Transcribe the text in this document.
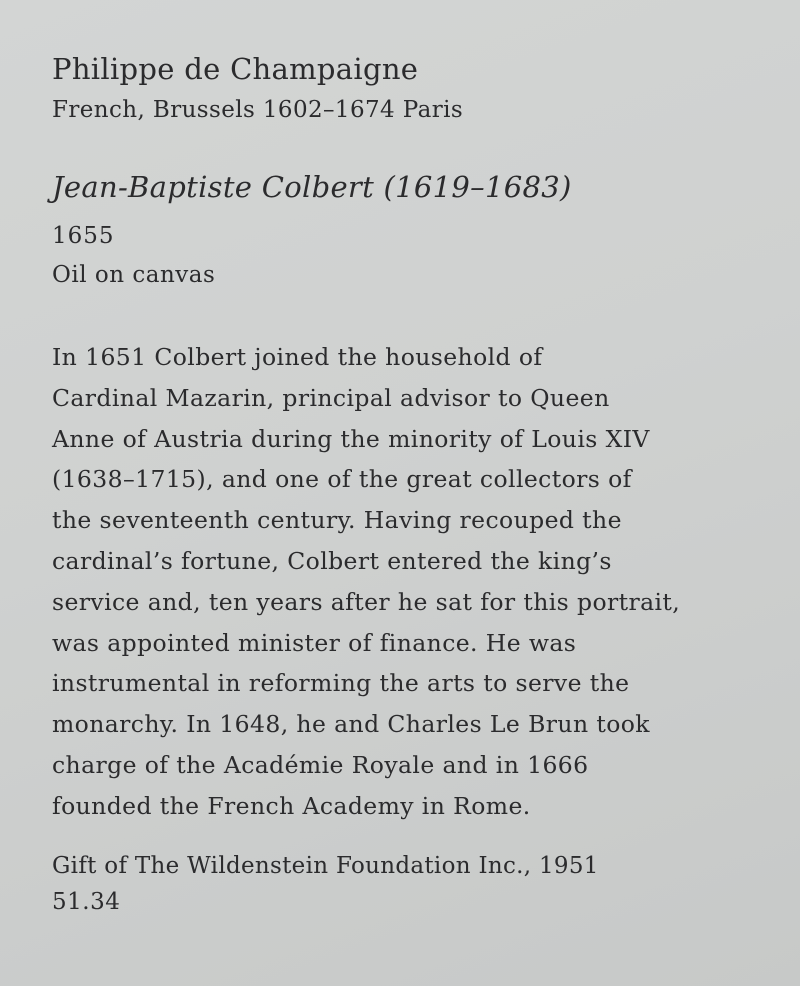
Philippe de Champaigne

French, Brussels 1602–1674 Paris

Jean-Baptiste Colbert (1619–1683)

1655

Oil on canvas

In 1651 Colbert joined the household of
Cardinal Mazarin, principal advisor to Queen
Anne of Austria during the minority of Louis XIV
(1638–1715), and one of the great collectors of
the seventeenth century. Having recouped the
cardinal’s fortune, Colbert entered the king’s
service and, ten years after he sat for this portrait,
was appointed minister of finance. He was
instrumental in reforming the arts to serve the
monarchy. In 1648, he and Charles Le Brun took
charge of the Académie Royale and in 1666
founded the French Academy in Rome.

Gift of The Wildenstein Foundation Inc., 1951

51.34
